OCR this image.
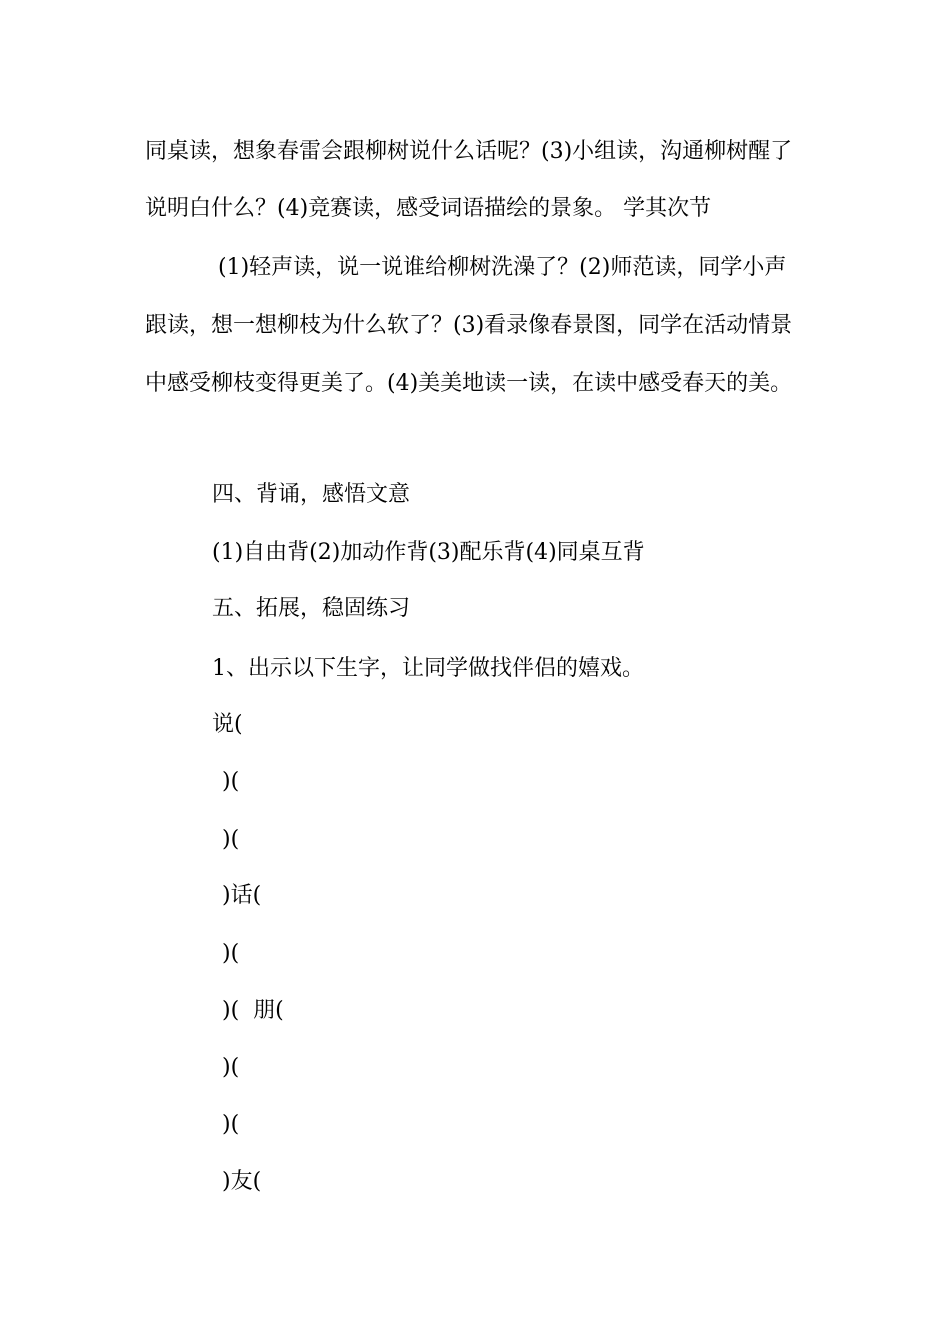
同桌读，想象春雷会跟柳树说什么话呢？(3)小组读，沟通柳树醒了
说明白什么？(4)竞赛读，感受词语描绘的景象。 学其次节
(1)轻声读，说一说谁给柳树洗澡了？(2)师范读，同学小声
跟读，想一想柳枝为什么软了？(3)看录像春景图，同学在活动情景
中感受柳枝变得更美了。(4)美美地读一读，在读中感受春天的美。
四、背诵，感悟文意
(1)自由背(2)加动作背(3)配乐背(4)同桌互背
五、拓展，稳固练习
1、出示以下生字，让同学做找伴侣的嬉戏。
说(
)(
)(
)话(
)(
)(  朋(
)(
)(
)友(
